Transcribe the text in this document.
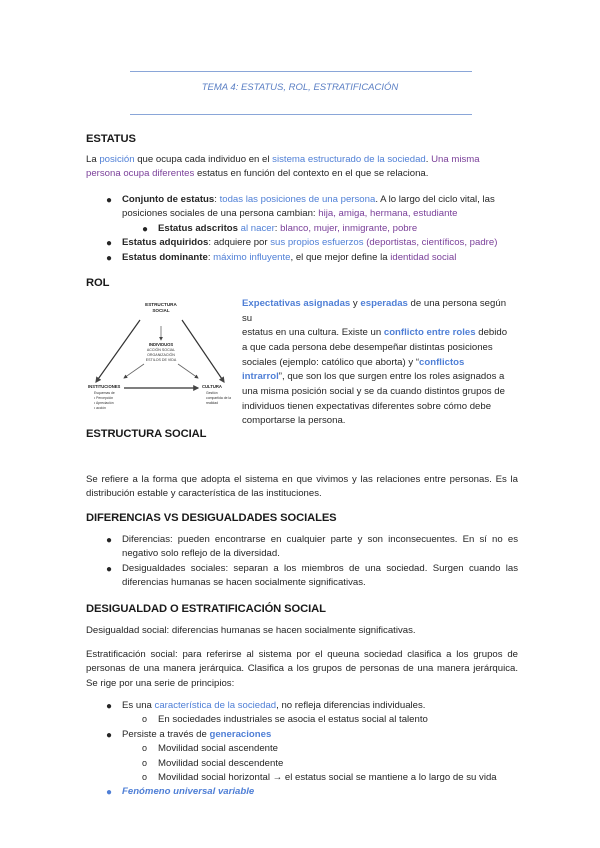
TEMA 4: ESTATUS, ROL, ESTRATIFICACIÓN
ESTATUS

La posición que ocupa cada individuo en el sistema estructurado de la sociedad. Una misma

persona ocupa diferentes estatus en función del contexto en el que se relaciona.

● Conjunto de estatus: todas las posiciones de una persona. A lo largo del ciclo vital, las
posiciones sociales de una persona cambian: hija, amiga, hermana, estudiante
● Estatus adscritos al nacer: blanco, mujer, inmigrante, pobre
● Estatus adquiridos: adquiere por sus propios esfuerzos (deportistas, científicos, padre)
● Estatus dominante: máximo influyente, el que mejor define la identidad social
ROL
ESTRUCTURA
SOCIAL
INDIVIDUOS
ACCIÓN SOCIAL
ORGANIZACIÓN
ESTILOS DE VIDA
INSTITUCIONES
Esquemas de
• Percepción
• Apreciación
• acción
CULTURA
Gestión
compartida de la
realidad
Expectativas asignadas y esperadas de una persona según su
estatus en una cultura. Existe un conflicto entre roles debido
a que cada persona debe desempeñar distintas posiciones
sociales (ejemplo: católico que aborta) y “conflictos
intrarrol”, que son los que surgen entre los roles asignados a
una misma posición social y se da cuando distintos grupos de
individuos tienen expectativas diferentes sobre cómo debe
comportarse la persona.
ESTRUCTURA SOCIAL

Se refiere a la forma que adopta el sistema en que vivimos y las relaciones entre personas. Es la distribución estable y característica de las instituciones.

DIFERENCIAS VS DESIGUALDADES SOCIALES
● Diferencias: pueden encontrarse en cualquier parte y son inconsecuentes. En sí no es negativo solo reflejo de la diversidad.
● Desigualdades sociales: separan a los miembros de una sociedad. Surgen cuando las diferencias humanas se hacen socialmente significativas.
DESIGUALDAD O ESTRATIFICACIÓN SOCIAL

Desigualdad social: diferencias humanas se hacen socialmente significativas.

Estratificación social: para referirse al sistema por el queuna sociedad clasifica a los grupos de personas de una manera jerárquica. Clasifica a los grupos de personas de una manera jerárquica. Se rige por una serie de principios:

● Es una característica de la sociedad, no refleja diferencias individuales.
o En sociedades industriales se asocia el estatus social al talento
● Persiste a través de generaciones
o Movilidad social ascendente
o Movilidad social descendente
o Movilidad social horizontal → el estatus social se mantiene a lo largo de su vida
● Fenómeno universal variable
